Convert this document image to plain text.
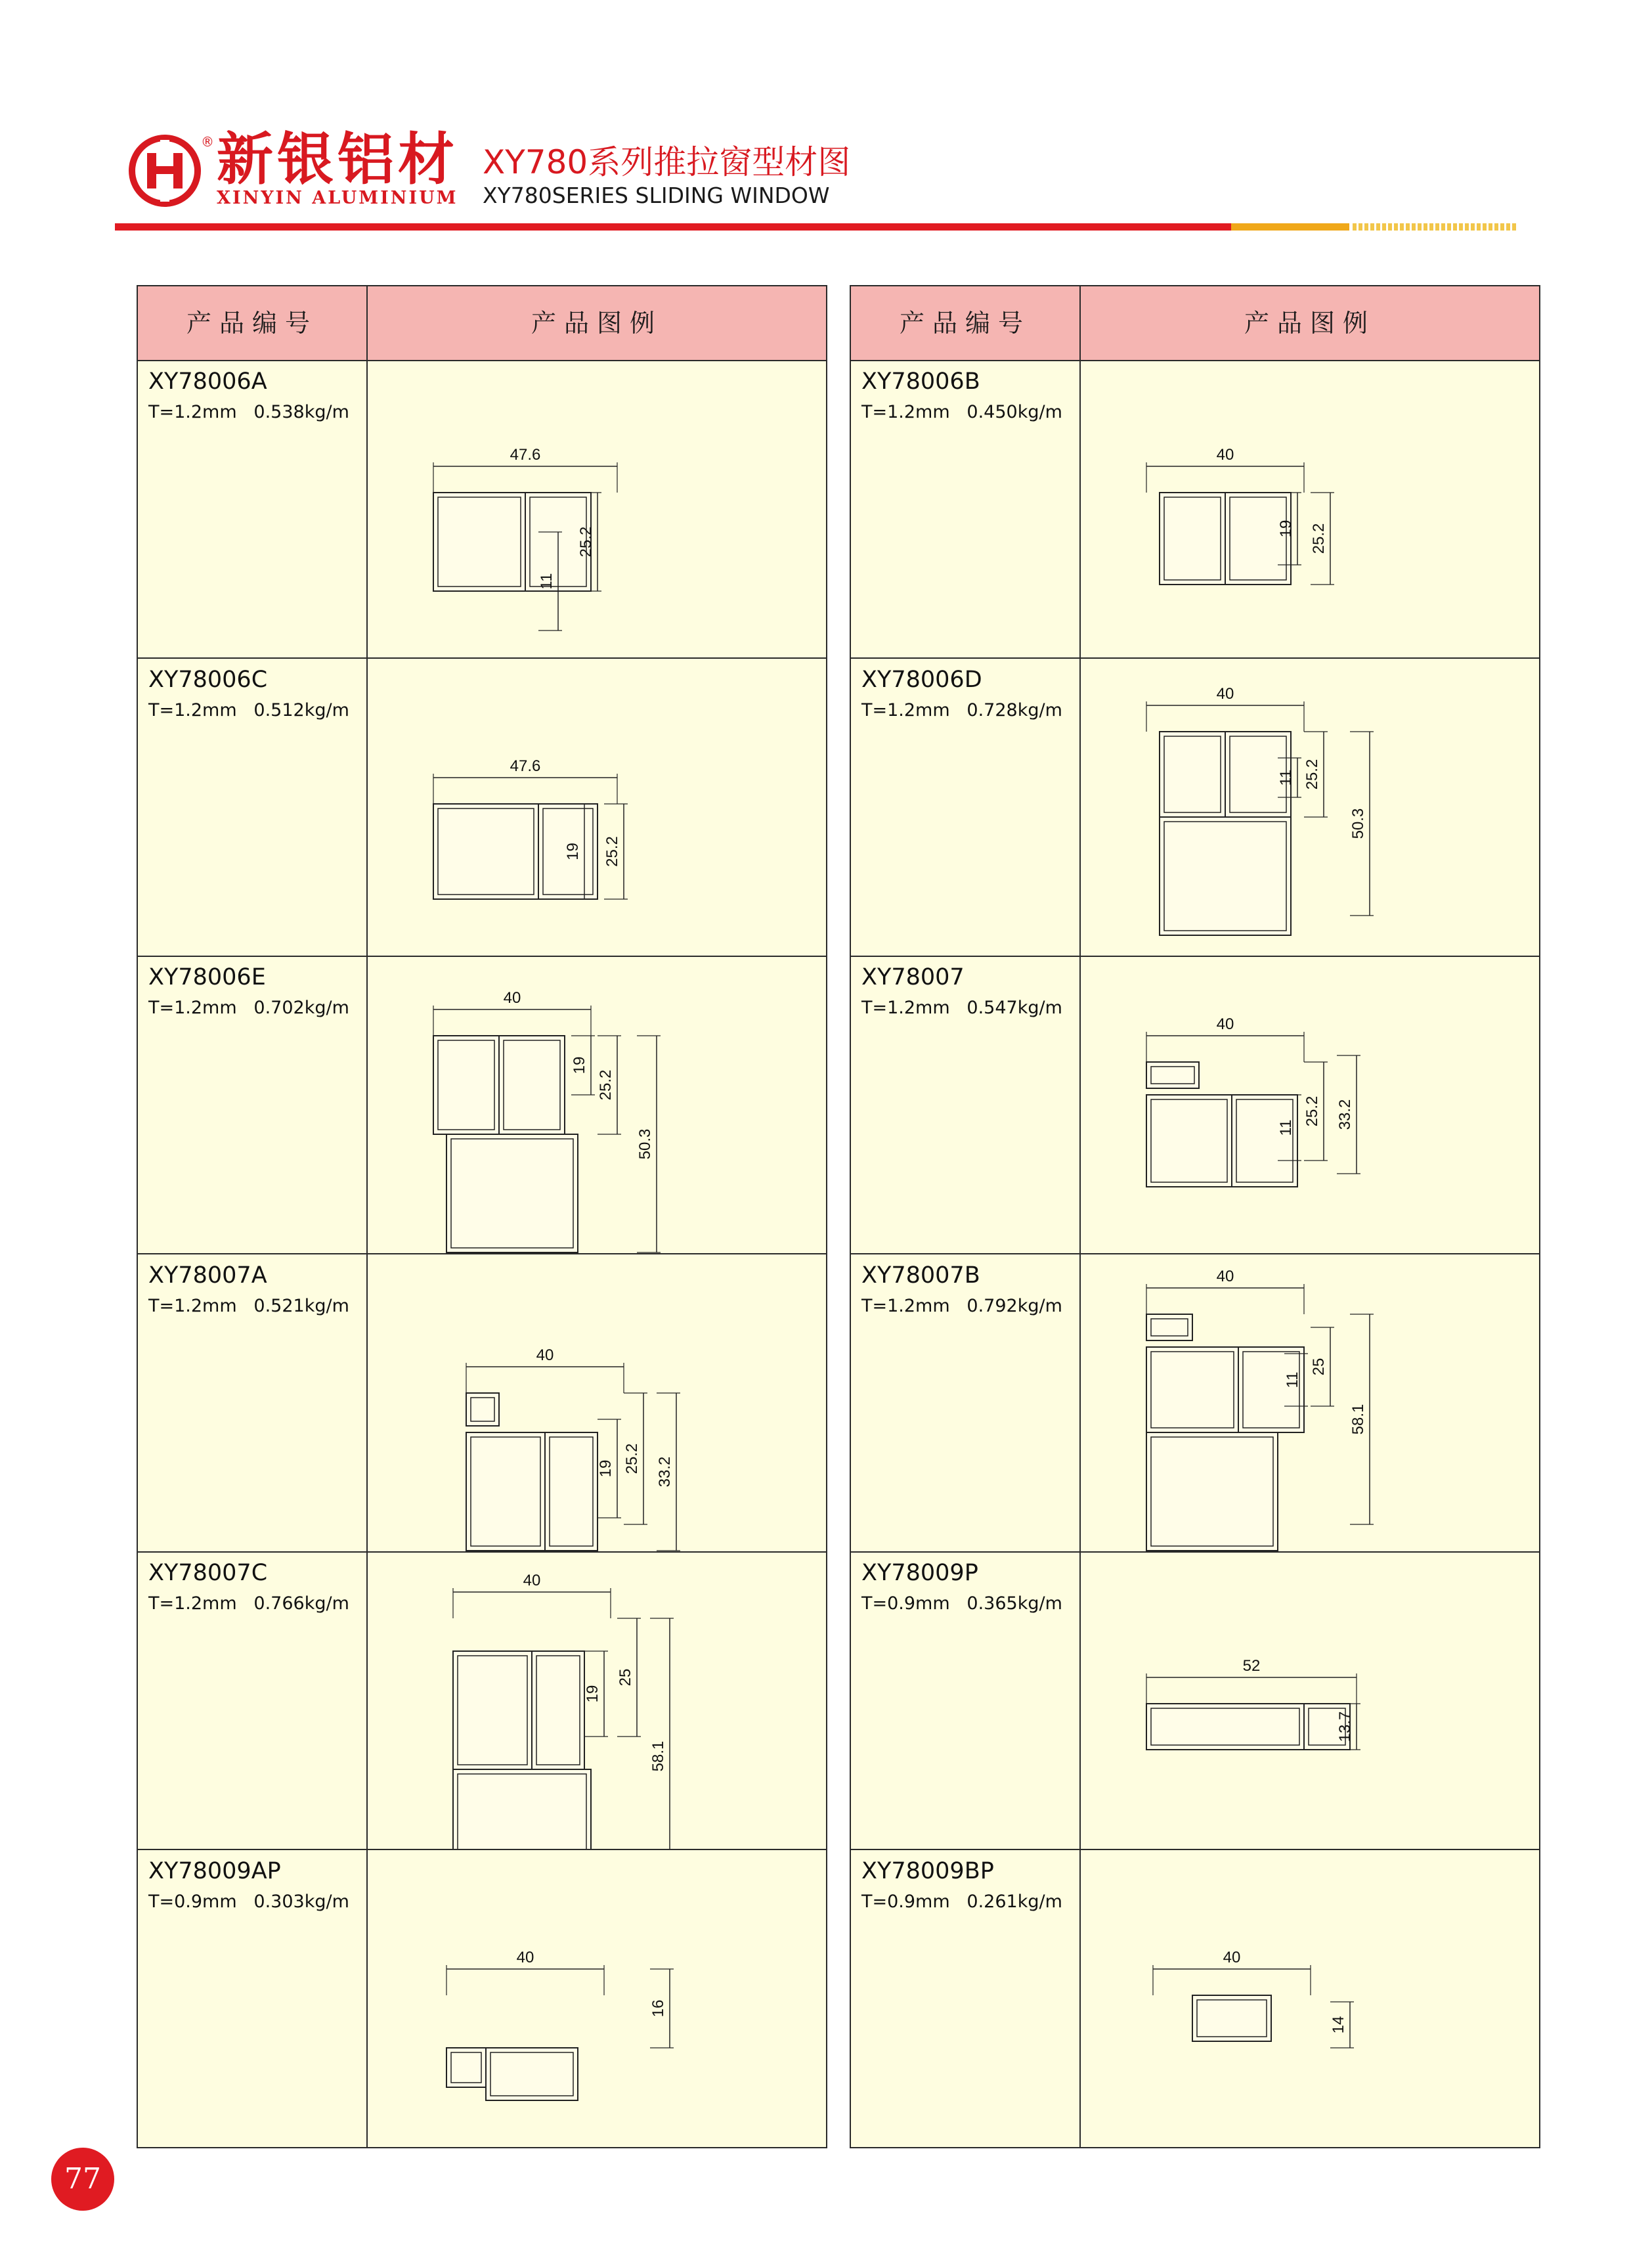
® 新银铝材
XINYIN ALUMINIUM
XY780系列推拉窗型材图
XY780SERIES SLIDING WINDOW
产品编号	产品图例
XY78006A
T=1.2mm   0.538kg/m
47.6
11
25.2
XY78006C
T=1.2mm   0.512kg/m
47.6
19 25.2
XY78006E
T=1.2mm   0.702kg/m	40
19
25.2
50.3
XY78007A
T=1.2mm   0.521kg/m
40
19 25.2 33.2
XY78007C
T=1.2mm   0.766kg/m
40
19
25
58.1
XY78009AP
T=0.9mm   0.303kg/m
40
16
产品编号	产品图例
XY78006B
T=1.2mm   0.450kg/m
40
19 25.2
XY78006D
T=1.2mm   0.728kg/m
40
11 25.2
50.3
XY78007
T=1.2mm   0.547kg/m
40
11
25.2 33.2
XY78007B
T=1.2mm   0.792kg/m
40
11
25
58.1
XY78009P
T=0.9mm   0.365kg/m
52
13.7
XY78009BP
T=0.9mm   0.261kg/m
40
14
77
